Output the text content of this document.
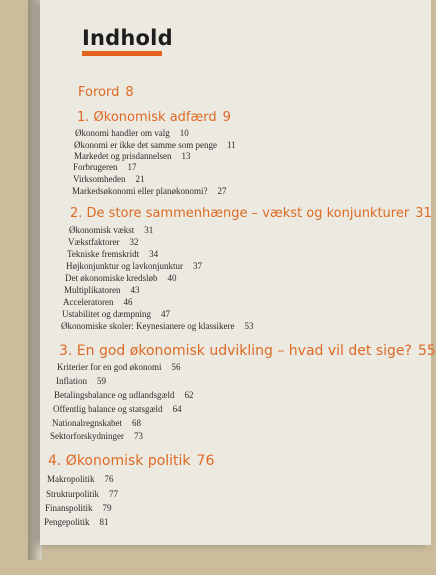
Indhold
Forord 8
1. Økonomisk adfærd 9
Økonomi handler om valg 10
Økonomi er ikke det samme som penge 11
Markedet og prisdannelsen 13
Forbrugeren 17
Virksomheden 21
Markedsøkonomi eller planøkonomi? 27
2. De store sammenhænge – vækst og konjunkturer 31
Økonomisk vækst 31
Vækstfaktorer 32
Tekniske fremskridt 34
Højkonjunktur og lavkonjunktur 37
Det økonomiske kredsløb 40
Multiplikatoren 43
Acceleratoren 46
Ustabilitet og dæmpning 47
Økonomiske skoler: Keynesianere og klassikere 53
3. En god økonomisk udvikling – hvad vil det sige? 55
Kriterier for en god økonomi 56
Inflation 59
Betalingsbalance og udlandsgæld 62
Offentlig balance og statsgæld 64
Nationalregnskabet 68
Sektorforskydninger 73
4. Økonomisk politik 76
Makropolitik 76
Strukturpolitik 77
Finanspolitik 79
Pengepolitik 81
